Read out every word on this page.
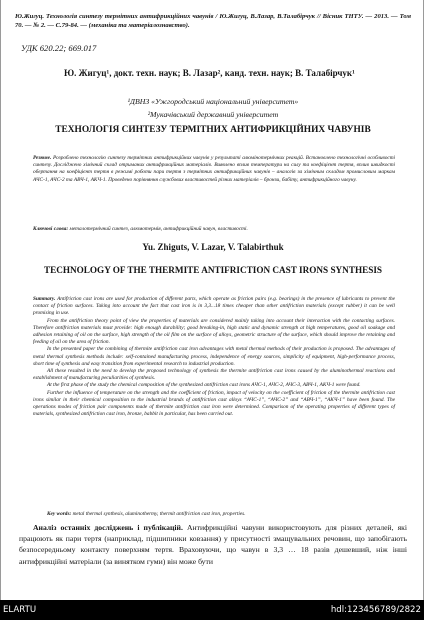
Ю.Жигуц. Технологія синтезу термітних антифрикційних чавунів / Ю.Жигуц, В.Лазар, В.Талабірчук // Вісник ТНТУ. — 2013. — Том 70. — № 2. — С.79-84. — (механіка та матеріалознавство).

УДК 620.22; 669.017

Ю. Жигуц¹, докт. техн. наук; В. Лазар², канд. техн. наук; В. Талабірчук¹

¹ДВНЗ «Ужгородський національний університет»

²Мукачівський державний університет

ТЕХНОЛОГІЯ СИНТЕЗУ ТЕРМІТНИХ АНТИФРИКЦІЙНИХ ЧАВУНІВ

Резюме. Розроблено технологію синтезу термітних антифрикційних чавунів у результаті алюмінотермічних реакцій. Встановлено технологічні особливості синтезу. Досліджено хімічний склад отриманих антифрикційних матеріалів. Виявлено вплив температури на силу та коефіцієнт тертя, вплив швидкості обертання на коефіцієнт тертя в режимі роботи пари тертя з термітних антифрикційних чавунів – аналогів за хімічним складом промисловим маркам АЧС-1, АЧС-2 та АВЧ-1, АКЧ-1. Проведено порівняння службових властивостей різних матеріалів – бронзи, бабіту, антифрикційного чавуну.

Ключові слова: металотермічний синтез, алюмотермія, антифрикційний чавун, властивості.

Yu. Zhiguts, V. Lazar, V. Talabirthuk

TECHNOLOGY OF THE THERMITE ANTIFRICTION CAST IRONS SYNTHESIS

Summary. Antifriction cast irons are used for production of different parts, which operate as friction pairs (e.g. bearings) in the presence of lubricants to prevent the contact of friction surfaces. Taking into account the fact that cast iron is in 3,3...18 times cheaper than other antifriction materials (except rubber) it can be well promising in use.

From the antifriction theory point of view the properties of materials are considered mainly taking into account their interaction with the contacting surfaces. Therefore antifriction materials must provide: high enough durability; good breaking-in, high static and dynamic strength at high temperatures, good oil soakage and adhesion retaining of oil on the surface, high strength of the oil film on the surface of alloys, geometric structure of the surface, which should improve the retaining and feeding of oil on the area of friction.

In the presented paper the combining of thermite antifriction cast iron advantages with metal thermal methods of their production is proposed. The advantages of metal thermal synthesis methods include: self-contained manufacturing process, independence of energy sources, simplicity of equipment, high-performance process, short time of synthesis and easy transition from experimental research to industrial production.

All these resulted in the need to develop the proposed technology of synthesis the thermite antifriction cast irons caused by the aluminothermal reactions and establishment of manufacturing peculiarities of synthesis.

At the first phase of the study the chemical composition of the synthesized antifriction cast irons АЧС-1, АЧС-2, АЧС-3, АВЧ-1, АКЧ-1 were found.

Further the influence of temperature on the strength and the coefficient of friction, impact of velocity on the coefficient of friction of the thermite antifriction cast irons similar in their chemical composition to the industrial brands of antifriction cast alloys “АЧС-1”, “АЧС-2” and “АВЧ-1”, “АКЧ-1” have been found. The operations modes of friction pair components made of thermite antifriction cast iron were determined. Comparison of the operating properties of different types of materials, synthesized antifriction cast iron, bronze, babbit in particular, has been carried out.

Key words: metal thermal synthesis, aluminothermy, thermit antifriction cast iron, properties.

Аналіз останніх досліджень і публікацій. Антифрикційні чавуни використовують для різних деталей, які працюють як пари тертя (наприклад, підшипники ковзання) у присутності змащувальних речовин, що запобігають безпосередньому контакту поверхням тертя. Враховуючи, що чавун в 3,3 … 18 разів дешевший, ніж інші антифрикційні матеріали (за винятком гуми) він може бути

ELARTU	hdl:123456789/2822
